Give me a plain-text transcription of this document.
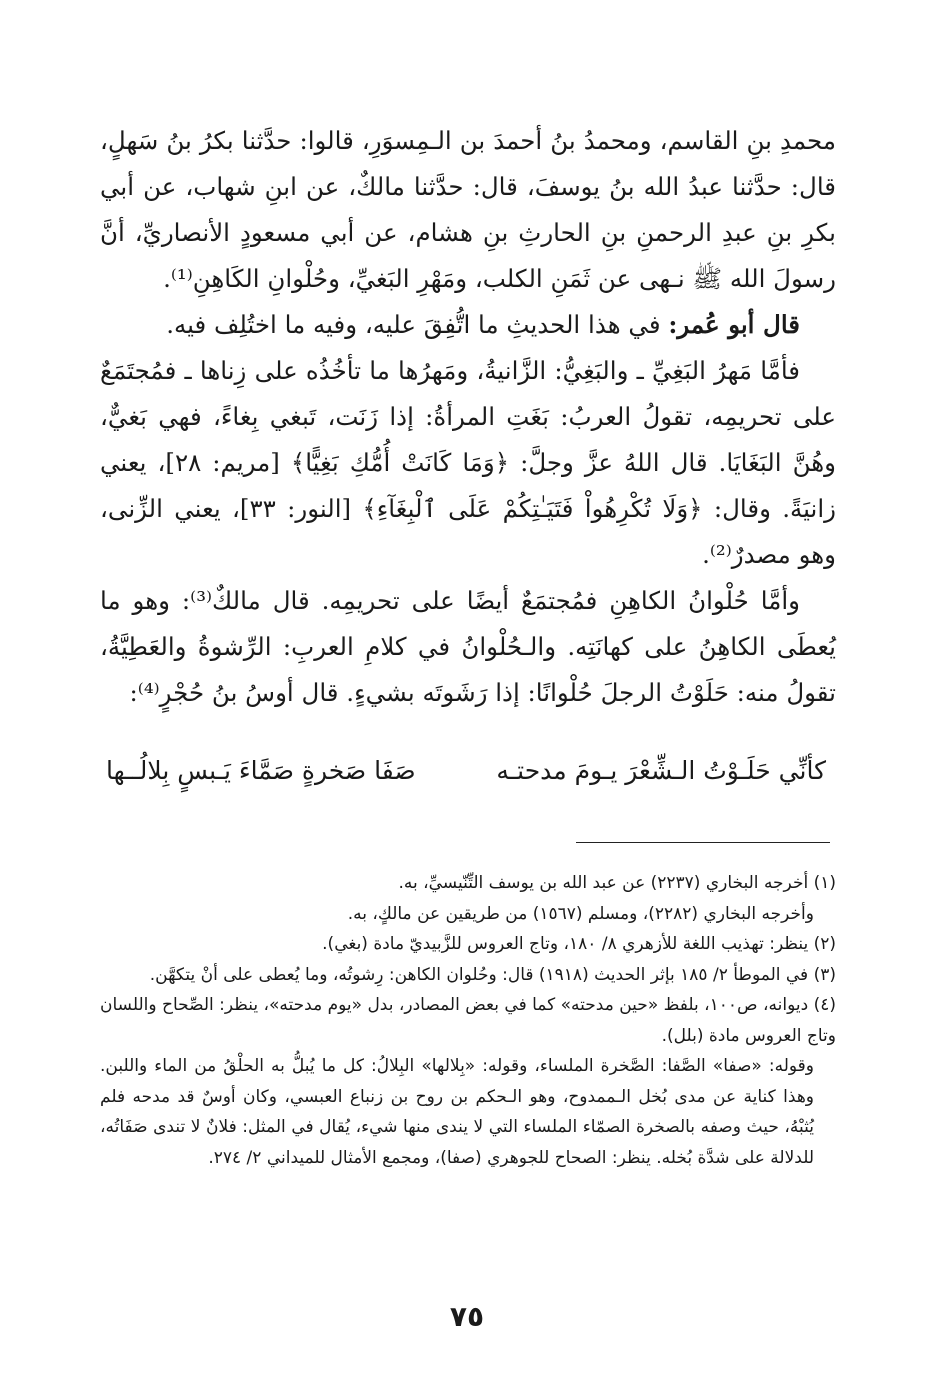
محمدِ بنِ القاسم، ومحمدُ بنُ أحمدَ بن الـمِسوَرِ، قالوا: حدَّثنا بكرُ بنُ سَهلٍ، قال: حدَّثنا عبدُ الله بنُ يوسفَ، قال: حدَّثنا مالكٌ، عن ابنِ شهاب، عن أبي بكرِ بنِ عبدِ الرحمنِ بنِ الحارثِ بنِ هشام، عن أبي مسعودٍ الأنصاريِّ، أنَّ رسولَ الله ﷺ نـهى عن ثَمَنِ الكلب، ومَهْرِ البَغيِّ، وحُلْوانِ الكَاهِنِ⁽¹⁾.

قال أبو عُمر: في هذا الحديثِ ما اتُّفِقَ عليه، وفيه ما اختُلِف فيه.

فأمَّا مَهرُ البَغِيِّ ـ والبَغِيُّ: الزَّانيةُ، ومَهرُها ما تأخُذُه على زِناها ـ فمُجتَمَعٌ على تحريمِه، تقولُ العربُ: بَغَتِ المرأةُ: إذا زَنَت، تَبغي بِغاءً، فهي بَغيٌّ، وهُنَّ البَغَايَا. قال اللهُ عزَّ وجلَّ: ﴿وَمَا كَانَتْ أُمُّكِ بَغِيًّا﴾ [مريم: ٢٨]، يعني زانيَةً. وقال: ﴿وَلَا تُكْرِهُواْ فَتَيَـٰتِكُمْ عَلَى ٱلْبِغَآءِ﴾ [النور: ٣٣]، يعني الزِّنى، وهو مصدرٌ⁽²⁾.

وأمَّا حُلْوانُ الكاهِنِ فمُجتمَعٌ أيضًا على تحريمِه. قال مالكٌ⁽³⁾: وهو ما يُعطَى الكاهِنُ على كهانَتِه. والـحُلْوانُ في كلامِ العربِ: الرِّشوةُ والعَطِيَّةُ، تقولُ منه: حَلَوْتُ الرجلَ حُلْوانًا: إذا رَشَوتَه بشيءٍ. قال أوسُ بنُ حُجْرٍ⁽⁴⁾:

كأنِّي حَلَـوْتُ الـشِّعْرَ يـومَ مدحتـه
صَفَا صَخرةٍ صَمَّاءَ يَـبسٍ بِلالُــها

(١) أخرجه البخاري (٢٢٣٧) عن عبد الله بن يوسف التِّنّيسيِّ، به.

وأخرجه البخاري (٢٢٨٢)، ومسلم (١٥٦٧) من طريقين عن مالكٍ، به.

(٢) ينظر: تهذيب اللغة للأزهري ٨/ ١٨٠، وتاج العروس للزَّبيديّ مادة (بغي).

(٣) في الموطأ ٢/ ١٨٥ بإثر الحديث (١٩١٨) قال: وحُلوان الكاهن: رِشوتُه، وما يُعطى على أنْ يتكهَّن.

(٤) ديوانه، ص١٠٠، بلفظ «حين مدحته» كما في بعض المصادر، بدل «يوم مدحته»، ينظر: الصِّحاح واللسان وتاج العروس مادة (بلل).

وقوله: «صفا» الصَّفا: الصَّخرة الملساء، وقوله: «بِلالها» البِلالُ: كل ما يُبلُّ به الحلْقُ من الماء واللبن. وهذا كناية عن مدى بُخل الـممدوح، وهو الـحكم بن روح بن زنباع العبسي، وكان أوسٌ قد مدحه فلم يُثبْهُ، حيث وصفه بالصخرة الصمّاء الملساء التي لا يندى منها شيء، يُقال في المثل: فلانٌ لا تندى صَفَاتُه، للدلالة على شدَّة بُخله. ينظر: الصحاح للجوهري (صفا)، ومجمع الأمثال للميداني ٢/ ٢٧٤.

٧٥
